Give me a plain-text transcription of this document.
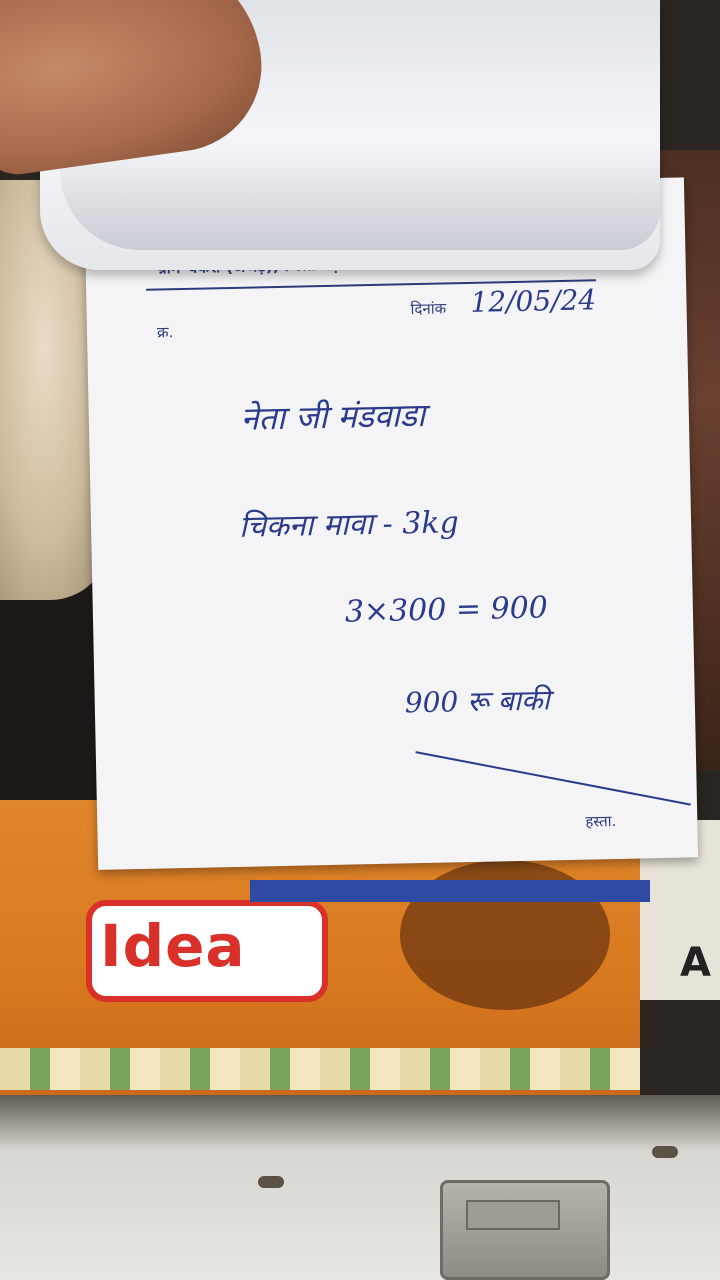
Idea	A
क्र.
दिनांक 12/05/24
नेता जी मंडवाडा
चिकना मावा - 3kg
3×300 = 900
900 रू बाकी
हस्ता.
